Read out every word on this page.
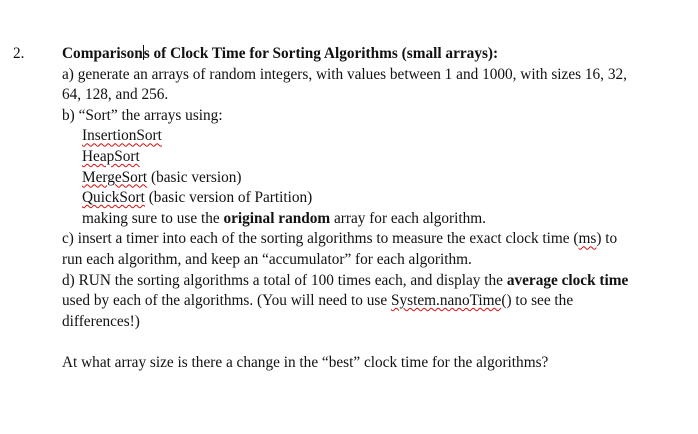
2. Comparisons of Clock Time for Sorting Algorithms (small arrays):
a) generate an arrays of random integers, with values between 1 and 1000, with sizes 16, 32,
64, 128, and 256.
b) “Sort” the arrays using:
InsertionSort
HeapSort
MergeSort (basic version)
QuickSort (basic version of Partition)
making sure to use the original random array for each algorithm.
c) insert a timer into each of the sorting algorithms to measure the exact clock time (ms) to
run each algorithm, and keep an “accumulator” for each algorithm.
d) RUN the sorting algorithms a total of 100 times each, and display the average clock time
used by each of the algorithms. (You will need to use System.nanoTime() to see the
differences!)
At what array size is there a change in the “best” clock time for the algorithms?
